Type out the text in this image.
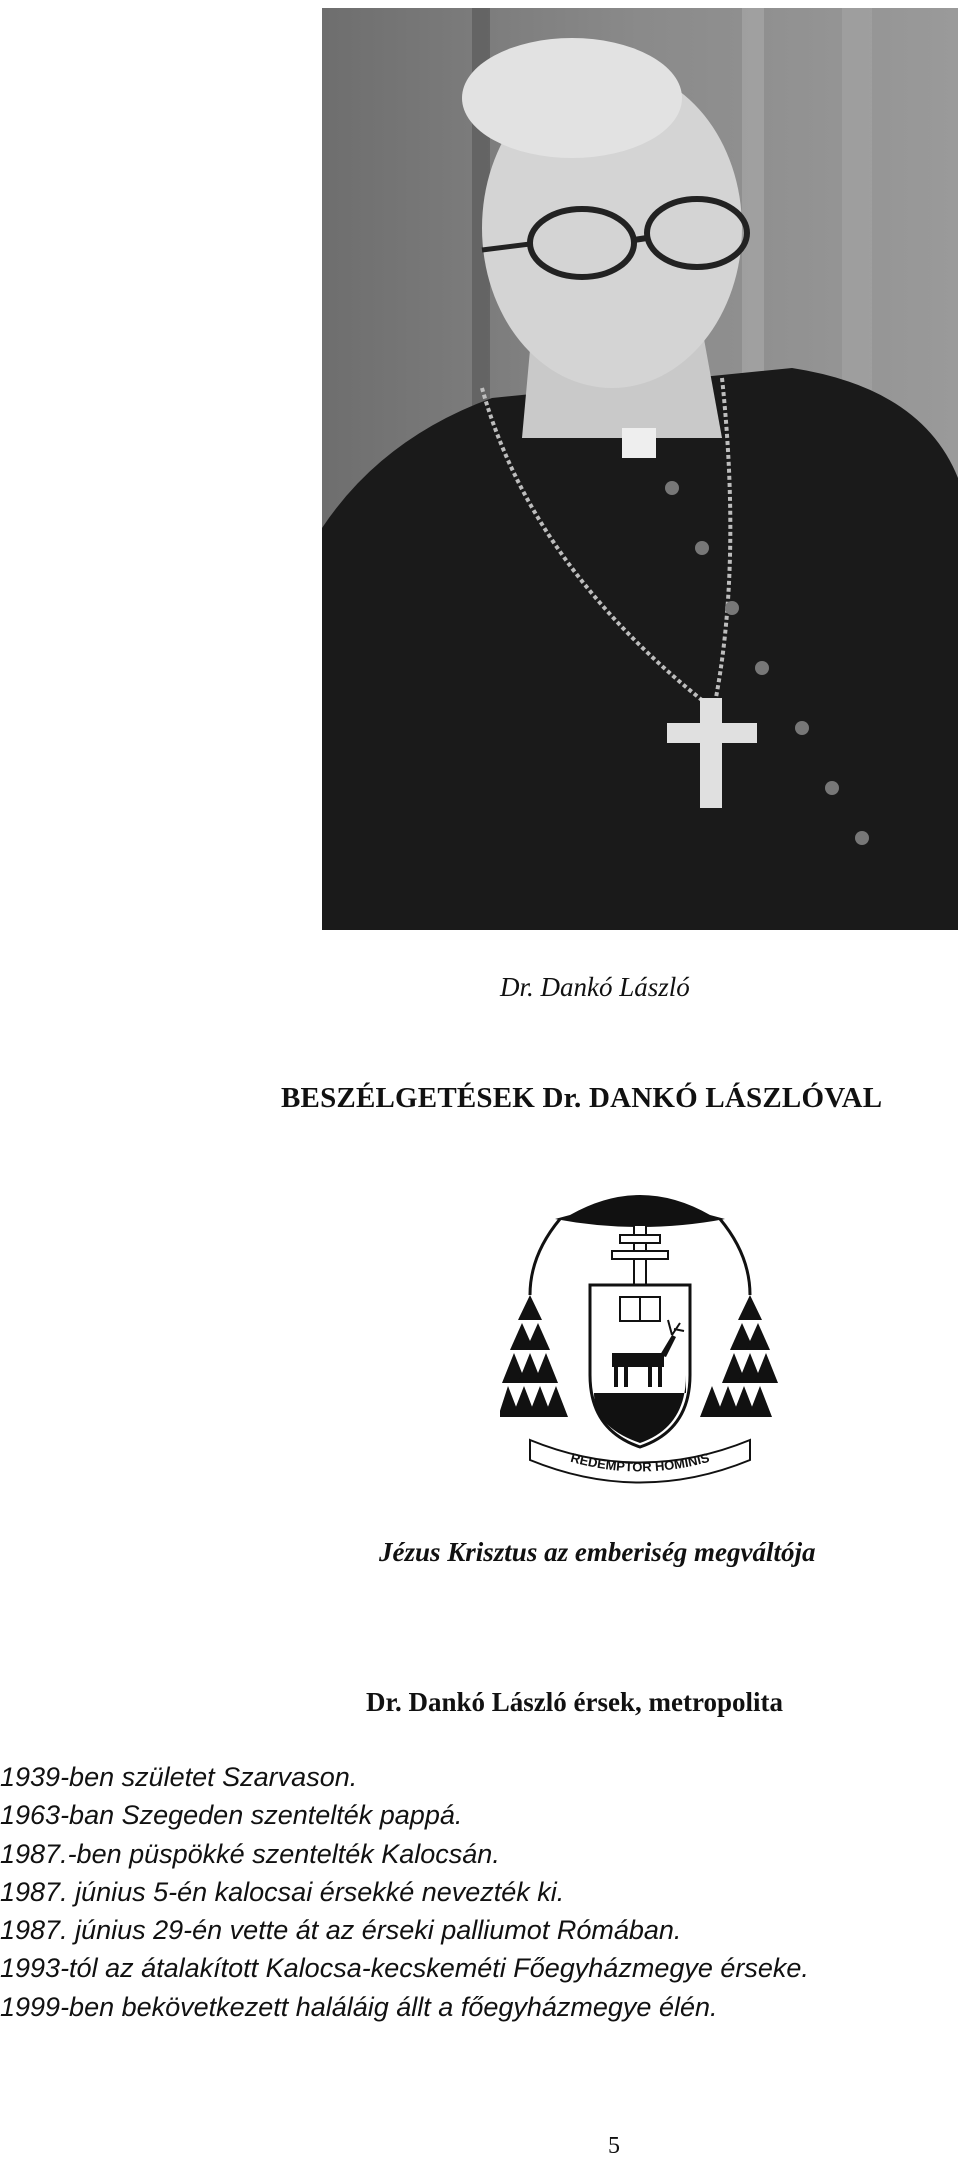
Dr. Dankó László
BESZÉLGETÉSEK Dr. DANKÓ LÁSZLÓVAL
REDEMPTOR HOMINIS
Jézus Krisztus az emberiség megváltója
Dr. Dankó László érsek, metropolita
1939-ben születet Szarvason.
1963-ban Szegeden szentelték pappá.
1987.-ben püspökké szentelték Kalocsán.
1987. június 5-én kalocsai érsekké nevezték ki.
1987. június 29-én vette át az érseki palliumot Rómában.
1993-tól az átalakított Kalocsa-kecskeméti Főegyházmegye érseke.
1999-ben bekövetkezett haláláig állt a főegyházmegye élén.
5
